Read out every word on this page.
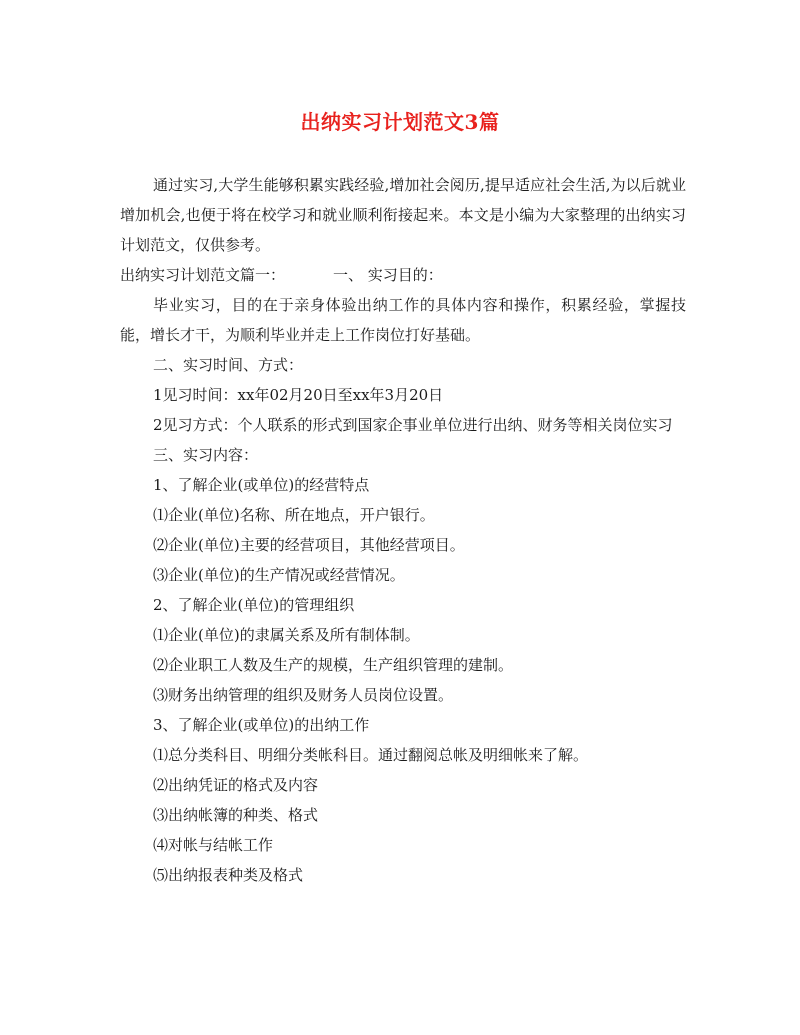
出纳实习计划范文3篇

通过实习,大学生能够积累实践经验,增加社会阅历,提早适应社会生活,为以后就业增加机会,也便于将在校学习和就业顺利衔接起来。本文是小编为大家整理的出纳实习计划范文，仅供参考。

出纳实习计划范文篇一：	一、 实习目的：

毕业实习，目的在于亲身体验出纳工作的具体内容和操作，积累经验，掌握技能，增长才干，为顺利毕业并走上工作岗位打好基础。

二、实习时间、方式：

1见习时间：xx年02月20日至xx年3月20日

2见习方式：个人联系的形式到国家企事业单位进行出纳、财务等相关岗位实习

三、实习内容：

1、了解企业(或单位)的经营特点

⑴企业(单位)名称、所在地点，开户银行。

⑵企业(单位)主要的经营项目，其他经营项目。

⑶企业(单位)的生产情况或经营情况。

2、了解企业(单位)的管理组织

⑴企业(单位)的隶属关系及所有制体制。

⑵企业职工人数及生产的规模，生产组织管理的建制。

⑶财务出纳管理的组织及财务人员岗位设置。

3、了解企业(或单位)的出纳工作

⑴总分类科目、明细分类帐科目。通过翻阅总帐及明细帐来了解。

⑵出纳凭证的格式及内容

⑶出纳帐簿的种类、格式

⑷对帐与结帐工作

⑸出纳报表种类及格式
